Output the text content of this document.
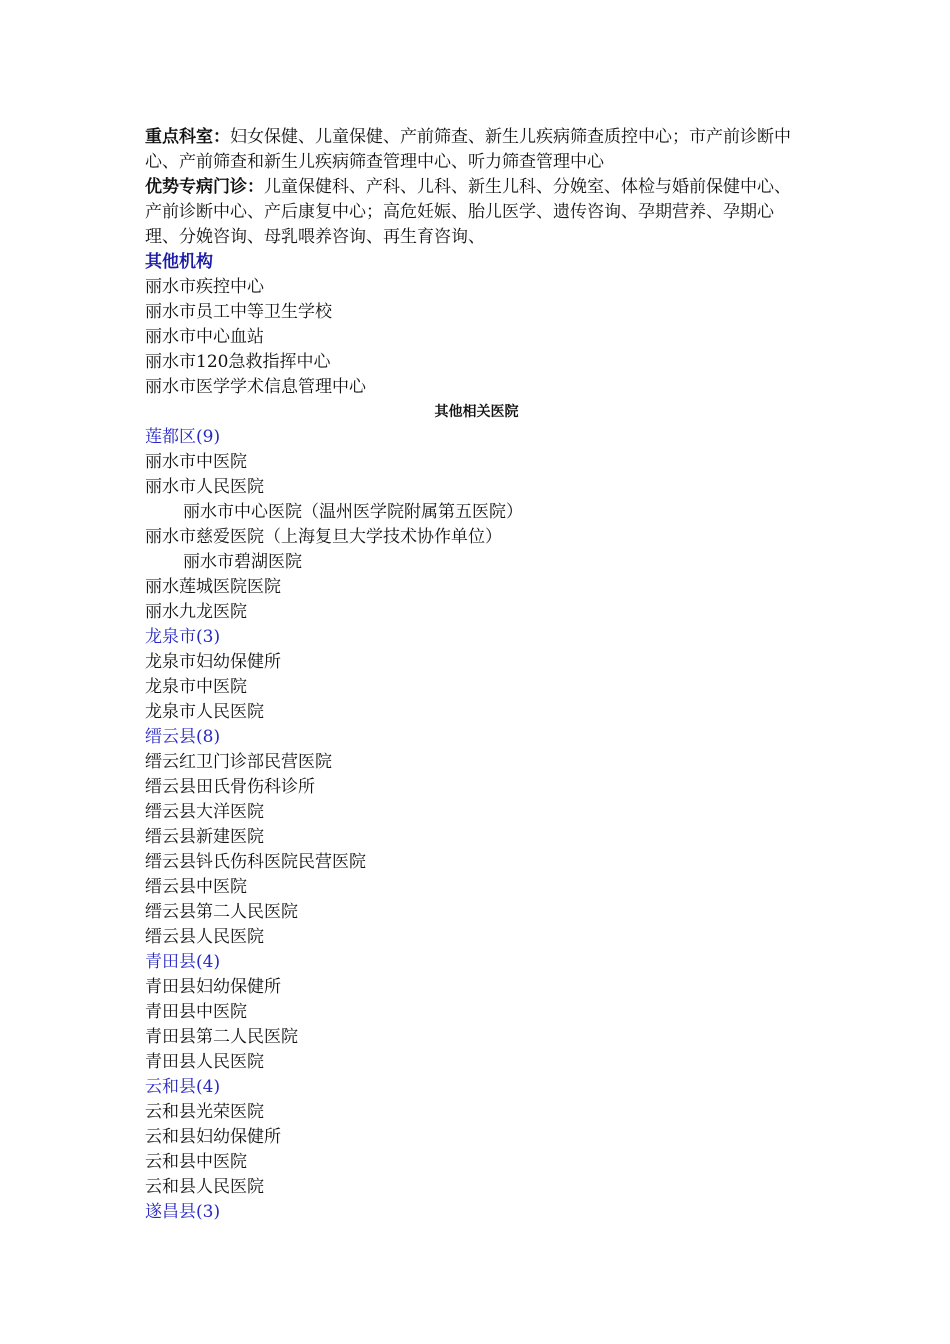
重点科室：妇女保健、儿童保健、产前筛查、新生儿疾病筛查质控中心；市产前诊断中心、产前筛查和新生儿疾病筛查管理中心、听力筛查管理中心
优势专病门诊：儿童保健科、产科、儿科、新生儿科、分娩室、体检与婚前保健中心、产前诊断中心、产后康复中心；高危妊娠、胎儿医学、遗传咨询、孕期营养、孕期心理、分娩咨询、母乳喂养咨询、再生育咨询、
其他机构
丽水市疾控中心
丽水市员工中等卫生学校
丽水市中心血站
丽水市120急救指挥中心
丽水市医学学术信息管理中心
其他相关医院
莲都区(9)
丽水市中医院
丽水市人民医院
丽水市中心医院（温州医学院附属第五医院）
丽水市慈爱医院（上海复旦大学技术协作单位）
丽水市碧湖医院
丽水莲城医院医院
丽水九龙医院
龙泉市(3)
龙泉市妇幼保健所
龙泉市中医院
龙泉市人民医院
缙云县(8)
缙云红卫门诊部民营医院
缙云县田氏骨伤科诊所
缙云县大洋医院
缙云县新建医院
缙云县钭氏伤科医院民营医院
缙云县中医院
缙云县第二人民医院
缙云县人民医院
青田县(4)
青田县妇幼保健所
青田县中医院
青田县第二人民医院
青田县人民医院
云和县(4)
云和县光荣医院
云和县妇幼保健所
云和县中医院
云和县人民医院
遂昌县(3)
